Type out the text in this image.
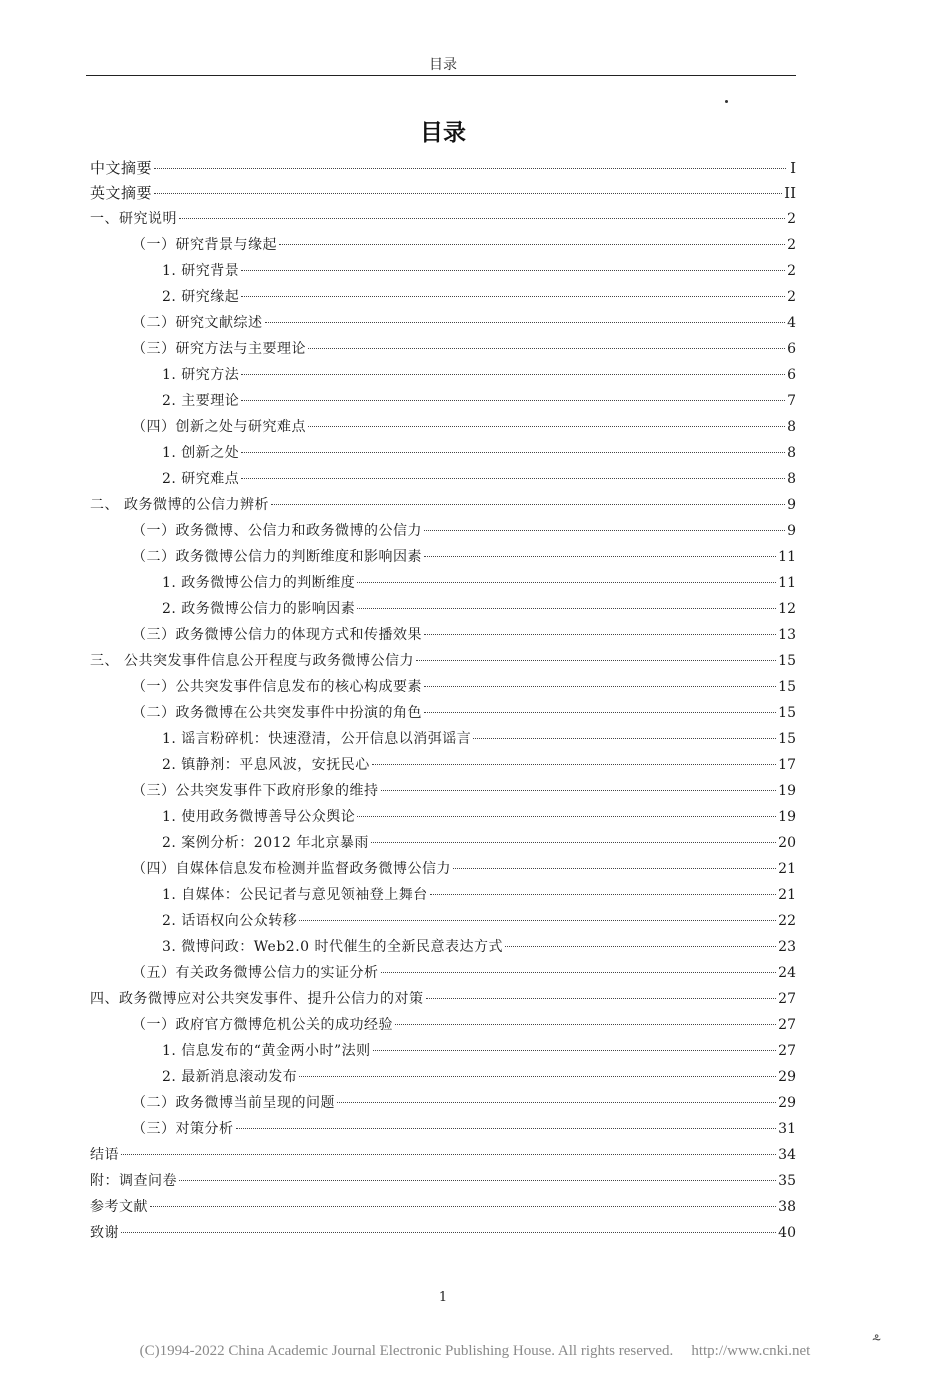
目录
目录
中文摘要	I
英文摘要	II
一、研究说明	2
（一）研究背景与缘起	2
1. 研究背景	2
2. 研究缘起	2
（二）研究文献综述	4
（三）研究方法与主要理论	6
1. 研究方法	6
2. 主要理论	7
（四）创新之处与研究难点	8
1. 创新之处	8
2. 研究难点	8
二、 政务微博的公信力辨析	9
（一）政务微博、公信力和政务微博的公信力	9
（二）政务微博公信力的判断维度和影响因素	11
1. 政务微博公信力的判断维度	11
2. 政务微博公信力的影响因素	12
（三）政务微博公信力的体现方式和传播效果	13
三、 公共突发事件信息公开程度与政务微博公信力	15
（一）公共突发事件信息发布的核心构成要素	15
（二）政务微博在公共突发事件中扮演的角色	15
1. 谣言粉碎机：快速澄清，公开信息以消弭谣言	15
2. 镇静剂：平息风波，安抚民心	17
（三）公共突发事件下政府形象的维持	19
1. 使用政务微博善导公众舆论	19
2. 案例分析：2012 年北京暴雨	20
（四）自媒体信息发布检测并监督政务微博公信力	21
1. 自媒体：公民记者与意见领袖登上舞台	21
2. 话语权向公众转移	22
3. 微博问政：Web2.0 时代催生的全新民意表达方式	23
（五）有关政务微博公信力的实证分析	24
四、政务微博应对公共突发事件、提升公信力的对策	27
（一）政府官方微博危机公关的成功经验	27
1. 信息发布的“黄金两小时”法则	27
2. 最新消息滚动发布	29
（二）政务微博当前呈现的问题	29
（三）对策分析	31
结语	34
附：调查问卷	35
参考文献	38
致谢	40
1
(C)1994-2022 China Academic Journal Electronic Publishing House. All rights reserved. http://www.cnki.net
⸛
